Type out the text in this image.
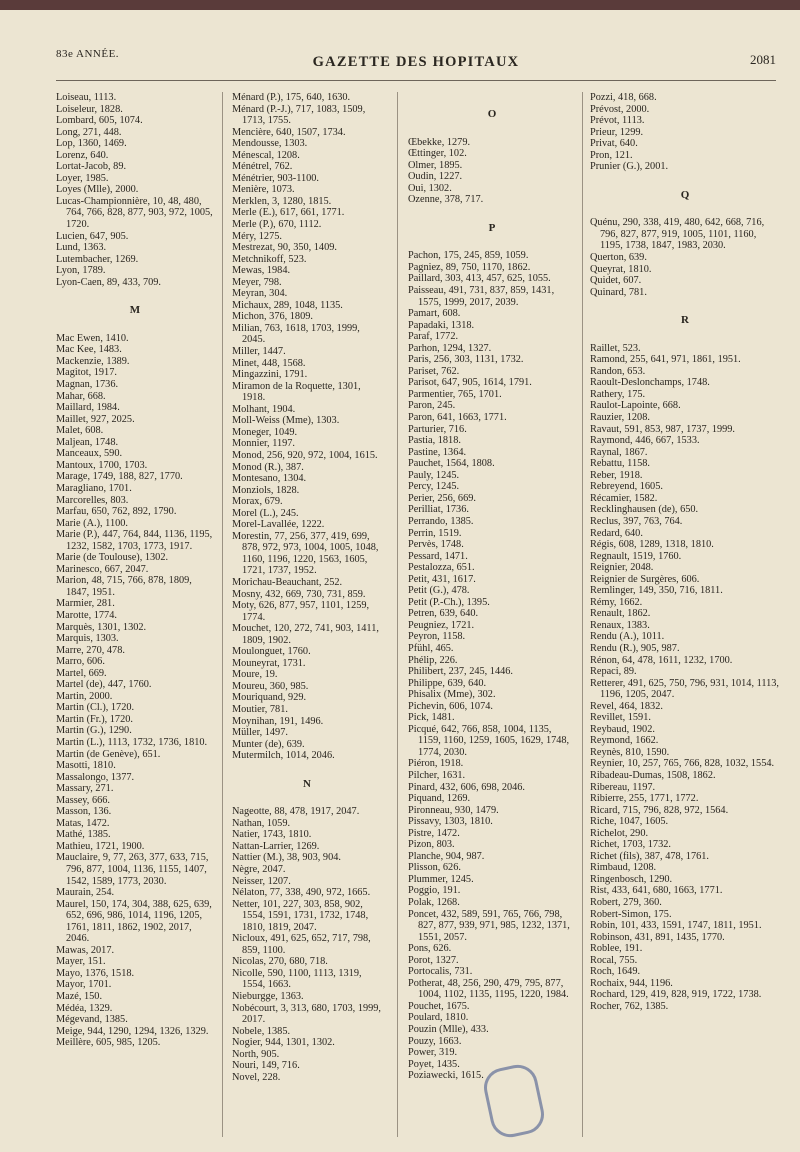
83e ANNÉE.	GAZETTE DES HOPITAUX	2081
Loiseau, 1113.
Loiseleur, 1828.
Lombard, 605, 1074.
Long, 271, 448.
Lop, 1360, 1469.
Lorenz, 640.
Lortat-Jacob, 89.
Loyer, 1985.
Loyes (Mlle), 2000.
Lucas-Championnière, 10, 48, 480, 764, 766, 828, 877, 903, 972, 1005, 1720.
Lucien, 647, 905.
Lund, 1363.
Lutembacher, 1269.
Lyon, 1789.
Lyon-Caen, 89, 433, 709.
M
Mac Ewen, 1410.
Mac Kee, 1483.
Mackenzie, 1389.
Magitot, 1917.
Magnan, 1736.
Mahar, 668.
Maillard, 1984.
Maillet, 927, 2025.
Malet, 608.
Maljean, 1748.
Manceaux, 590.
Mantoux, 1700, 1703.
Marage, 1749, 188, 827, 1770.
Maragliano, 1701.
Marcorelles, 803.
Marfau, 650, 762, 892, 1790.
Marie (A.), 1100.
Marie (P.), 447, 764, 844, 1136, 1195, 1232, 1582, 1703, 1773, 1917.
Marie (de Toulouse), 1302.
Marinesco, 667, 2047.
Marion, 48, 715, 766, 878, 1809, 1847, 1951.
Marmier, 281.
Marotte, 1774.
Marquès, 1301, 1302.
Marquis, 1303.
Marre, 270, 478.
Marro, 606.
Martel, 669.
Martel (de), 447, 1760.
Martin, 2000.
Martin (Cl.), 1720.
Martin (Fr.), 1720.
Martin (G.), 1290.
Martin (L.), 1113, 1732, 1736, 1810.
Martin (de Genève), 651.
Masotti, 1810.
Massalongo, 1377.
Massary, 271.
Massey, 666.
Masson, 136.
Matas, 1472.
Mathé, 1385.
Mathieu, 1721, 1900.
Mauclaire, 9, 77, 263, 377, 633, 715, 796, 877, 1004, 1136, 1155, 1407, 1542, 1589, 1773, 2030.
Maurain, 254.
Maurel, 150, 174, 304, 388, 625, 639, 652, 696, 986, 1014, 1196, 1205, 1761, 1811, 1862, 1902, 2017, 2046.
Mawas, 2017.
Mayer, 151.
Mayo, 1376, 1518.
Mayor, 1701.
Mazé, 150.
Médéa, 1329.
Mégevand, 1385.
Meige, 944, 1290, 1294, 1326, 1329.
Meillère, 605, 985, 1205.
Ménard (P.), 175, 640, 1630.
Ménard (P.-J.), 717, 1083, 1509, 1713, 1755.
Mencière, 640, 1507, 1734.
Mendousse, 1303.
Ménescal, 1208.
Ménétrel, 762.
Ménétrier, 903-1100.
Menière, 1073.
Merklen, 3, 1280, 1815.
Merle (E.), 617, 661, 1771.
Merle (P.), 670, 1112.
Méry, 1275.
Mestrezat, 90, 350, 1409.
Metchnikoff, 523.
Mewas, 1984.
Meyer, 798.
Meyran, 304.
Michaux, 289, 1048, 1135.
Michon, 376, 1809.
Milian, 763, 1618, 1703, 1999, 2045.
Miller, 1447.
Minet, 448, 1568.
Mingazzini, 1791.
Miramon de la Roquette, 1301, 1918.
Molhant, 1904.
Moll-Weiss (Mme), 1303.
Moneger, 1049.
Monnier, 1197.
Monod, 256, 920, 972, 1004, 1615.
Monod (R.), 387.
Montesano, 1304.
Monziols, 1828.
Morax, 679.
Morel (L.), 245.
Morel-Lavallée, 1222.
Morestin, 77, 256, 377, 419, 699, 878, 972, 973, 1004, 1005, 1048, 1160, 1196, 1220, 1563, 1605, 1721, 1737, 1952.
Morichau-Beauchant, 252.
Mosny, 432, 669, 730, 731, 859.
Moty, 626, 877, 957, 1101, 1259, 1774.
Mouchet, 120, 272, 741, 903, 1411, 1809, 1902.
Moulonguet, 1760.
Mouneyrat, 1731.
Moure, 19.
Moureu, 360, 985.
Mouriquand, 929.
Moutier, 781.
Moynihan, 191, 1496.
Müller, 1497.
Munter (de), 639.
Mutermilch, 1014, 2046.
N
Nageotte, 88, 478, 1917, 2047.
Nathan, 1059.
Natier, 1743, 1810.
Nattan-Larrier, 1269.
Nattier (M.), 38, 903, 904.
Nègre, 2047.
Neisser, 1207.
Nélaton, 77, 338, 490, 972, 1665.
Netter, 101, 227, 303, 858, 902, 1554, 1591, 1731, 1732, 1748, 1810, 1819, 2047.
Nicloux, 491, 625, 652, 717, 798, 859, 1100.
Nicolas, 270, 680, 718.
Nicolle, 590, 1100, 1113, 1319, 1554, 1663.
Nieburgge, 1363.
Nobécourt, 3, 313, 680, 1703, 1999, 2017.
Nobele, 1385.
Nogier, 944, 1301, 1302.
North, 905.
Nouri, 149, 716.
Novel, 228.
O
Œbekke, 1279.
Œttinger, 102.
Olmer, 1895.
Oudin, 1227.
Oui, 1302.
Ozenne, 378, 717.
P
Pachon, 175, 245, 859, 1059.
Pagniez, 89, 750, 1170, 1862.
Paillard, 303, 413, 457, 625, 1055.
Paisseau, 491, 731, 837, 859, 1431, 1575, 1999, 2017, 2039.
Pamart, 608.
Papadaki, 1318.
Paraf, 1772.
Parhon, 1294, 1327.
Paris, 256, 303, 1131, 1732.
Pariset, 762.
Parisot, 647, 905, 1614, 1791.
Parmentier, 765, 1701.
Paron, 245.
Paron, 641, 1663, 1771.
Parturier, 716.
Pastia, 1818.
Pastine, 1364.
Pauchet, 1564, 1808.
Pauly, 1245.
Percy, 1245.
Perier, 256, 669.
Perilliat, 1736.
Perrando, 1385.
Perrin, 1519.
Pervès, 1748.
Pessard, 1471.
Pestalozza, 651.
Petit, 431, 1617.
Petit (G.), 478.
Petit (P.-Ch.), 1395.
Petren, 639, 640.
Peugniez, 1721.
Peyron, 1158.
Pfühl, 465.
Phélip, 226.
Philibert, 237, 245, 1446.
Philippe, 639, 640.
Phisalix (Mme), 302.
Pichevin, 606, 1074.
Pick, 1481.
Picqué, 642, 766, 858, 1004, 1135, 1159, 1160, 1259, 1605, 1629, 1748, 1774, 2030.
Piéron, 1918.
Pilcher, 1631.
Pinard, 432, 606, 698, 2046.
Piquand, 1269.
Pironneau, 930, 1479.
Pissavy, 1303, 1810.
Pistre, 1472.
Pizon, 803.
Planche, 904, 987.
Plisson, 626.
Plummer, 1245.
Poggio, 191.
Polak, 1268.
Poncet, 432, 589, 591, 765, 766, 798, 827, 877, 939, 971, 985, 1232, 1371, 1551, 2057.
Pons, 626.
Porot, 1327.
Portocalis, 731.
Potherat, 48, 256, 290, 479, 795, 877, 1004, 1102, 1135, 1195, 1220, 1984.
Pouchet, 1675.
Poulard, 1810.
Pouzin (Mlle), 433.
Pouzy, 1663.
Power, 319.
Poyet, 1435.
Poziawecki, 1615.
Pozzi, 418, 668.
Prévost, 2000.
Prévot, 1113.
Prieur, 1299.
Privat, 640.
Pron, 121.
Prunier (G.), 2001.
Q
Quénu, 290, 338, 419, 480, 642, 668, 716, 796, 827, 877, 919, 1005, 1101, 1160, 1195, 1738, 1847, 1983, 2030.
Querton, 639.
Queyrat, 1810.
Quidet, 607.
Quinard, 781.
R
Raillet, 523.
Ramond, 255, 641, 971, 1861, 1951.
Randon, 653.
Raoult-Deslonchamps, 1748.
Rathery, 175.
Raulot-Lapointe, 668.
Rauzier, 1208.
Ravaut, 591, 853, 987, 1737, 1999.
Raymond, 446, 667, 1533.
Raynal, 1867.
Rebattu, 1158.
Reber, 1918.
Rebreyend, 1605.
Récamier, 1582.
Recklinghausen (de), 650.
Reclus, 397, 763, 764.
Redard, 640.
Régis, 608, 1289, 1318, 1810.
Regnault, 1519, 1760.
Reignier, 2048.
Reignier de Surgères, 606.
Remlinger, 149, 350, 716, 1811.
Rémy, 1662.
Renault, 1862.
Renaux, 1383.
Rendu (A.), 1011.
Rendu (R.), 905, 987.
Rénon, 64, 478, 1611, 1232, 1700.
Repaci, 89.
Retterer, 491, 625, 750, 796, 931, 1014, 1113, 1196, 1205, 2047.
Revel, 464, 1832.
Revillet, 1591.
Reybaud, 1902.
Reymond, 1662.
Reynès, 810, 1590.
Reynier, 10, 257, 765, 766, 828, 1032, 1554.
Ribadeau-Dumas, 1508, 1862.
Ribereau, 1197.
Ribierre, 255, 1771, 1772.
Ricard, 715, 796, 828, 972, 1564.
Riche, 1047, 1605.
Richelot, 290.
Richet, 1703, 1732.
Richet (fils), 387, 478, 1761.
Rimbaud, 1208.
Ringenbosch, 1290.
Rist, 433, 641, 680, 1663, 1771.
Robert, 279, 360.
Robert-Simon, 175.
Robin, 101, 433, 1591, 1747, 1811, 1951.
Robinson, 431, 891, 1435, 1770.
Roblee, 191.
Rocal, 755.
Roch, 1649.
Rochaix, 944, 1196.
Rochard, 129, 419, 828, 919, 1722, 1738.
Rocher, 762, 1385.
